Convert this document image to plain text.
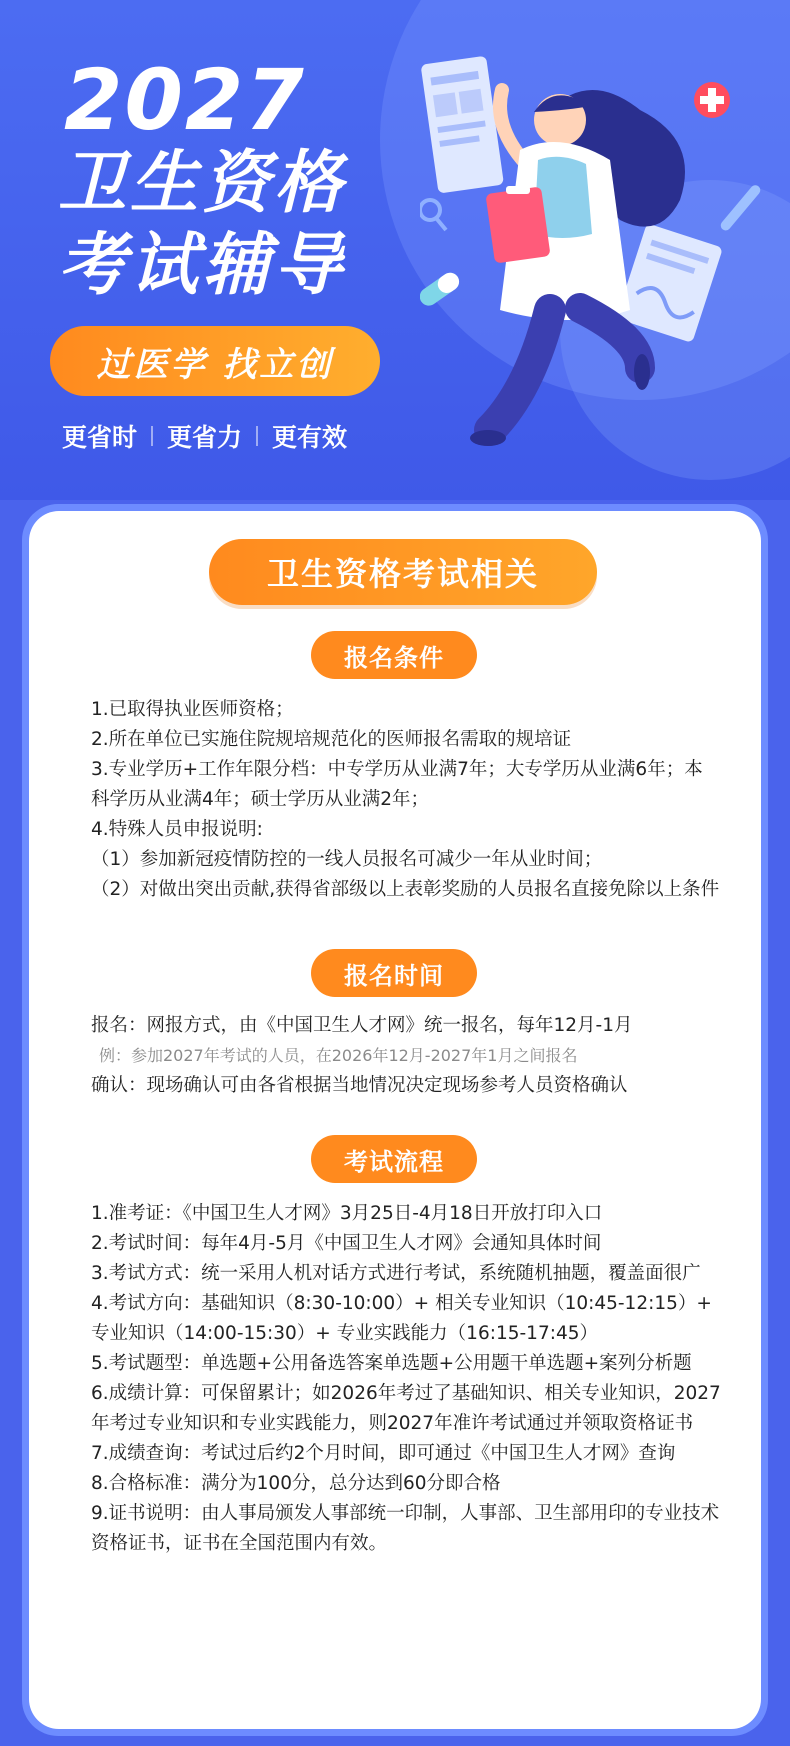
2027
卫生资格
考试辅导
过医学 找立创
更省时 更省力 更有效
卫生资格考试相关
报名条件

1.已取得执业医师资格；

2.所在单位已实施住院规培规范化的医师报名需取的规培证

3.专业学历+工作年限分档：中专学历从业满7年；大专学历从业满6年；本科学历从业满4年；硕士学历从业满2年；

4.特殊人员申报说明:

（1）参加新冠疫情防控的一线人员报名可减少一年从业时间；

（2）对做出突出贡献,获得省部级以上表彰奖励的人员报名直接免除以上条件

报名时间

报名：网报方式，由《中国卫生人才网》统一报名，每年12月-1月

例：参加2027年考试的人员，在2026年12月-2027年1月之间报名

确认：现场确认可由各省根据当地情况决定现场参考人员资格确认

考试流程

1.准考证：《中国卫生人才网》3月25日-4月18日开放打印入口

2.考试时间：每年4月-5月《中国卫生人才网》会通知具体时间

3.考试方式：统一采用人机对话方式进行考试，系统随机抽题，覆盖面很广

4.考试方向：基础知识（8:30-10:00）+ 相关专业知识（10:45-12:15）+ 专业知识（14:00-15:30）+ 专业实践能力（16:15-17:45）

5.考试题型：单选题+公用备选答案单选题+公用题干单选题+案列分析题

6.成绩计算：可保留累计；如2026年考过了基础知识、相关专业知识，2027年考过专业知识和专业实践能力，则2027年准许考试通过并领取资格证书

7.成绩查询：考试过后约2个月时间，即可通过《中国卫生人才网》查询

8.合格标准：满分为100分，总分达到60分即合格

9.证书说明：由人事局颁发人事部统一印制，人事部、卫生部用印的专业技术资格证书，证书在全国范围内有效。
